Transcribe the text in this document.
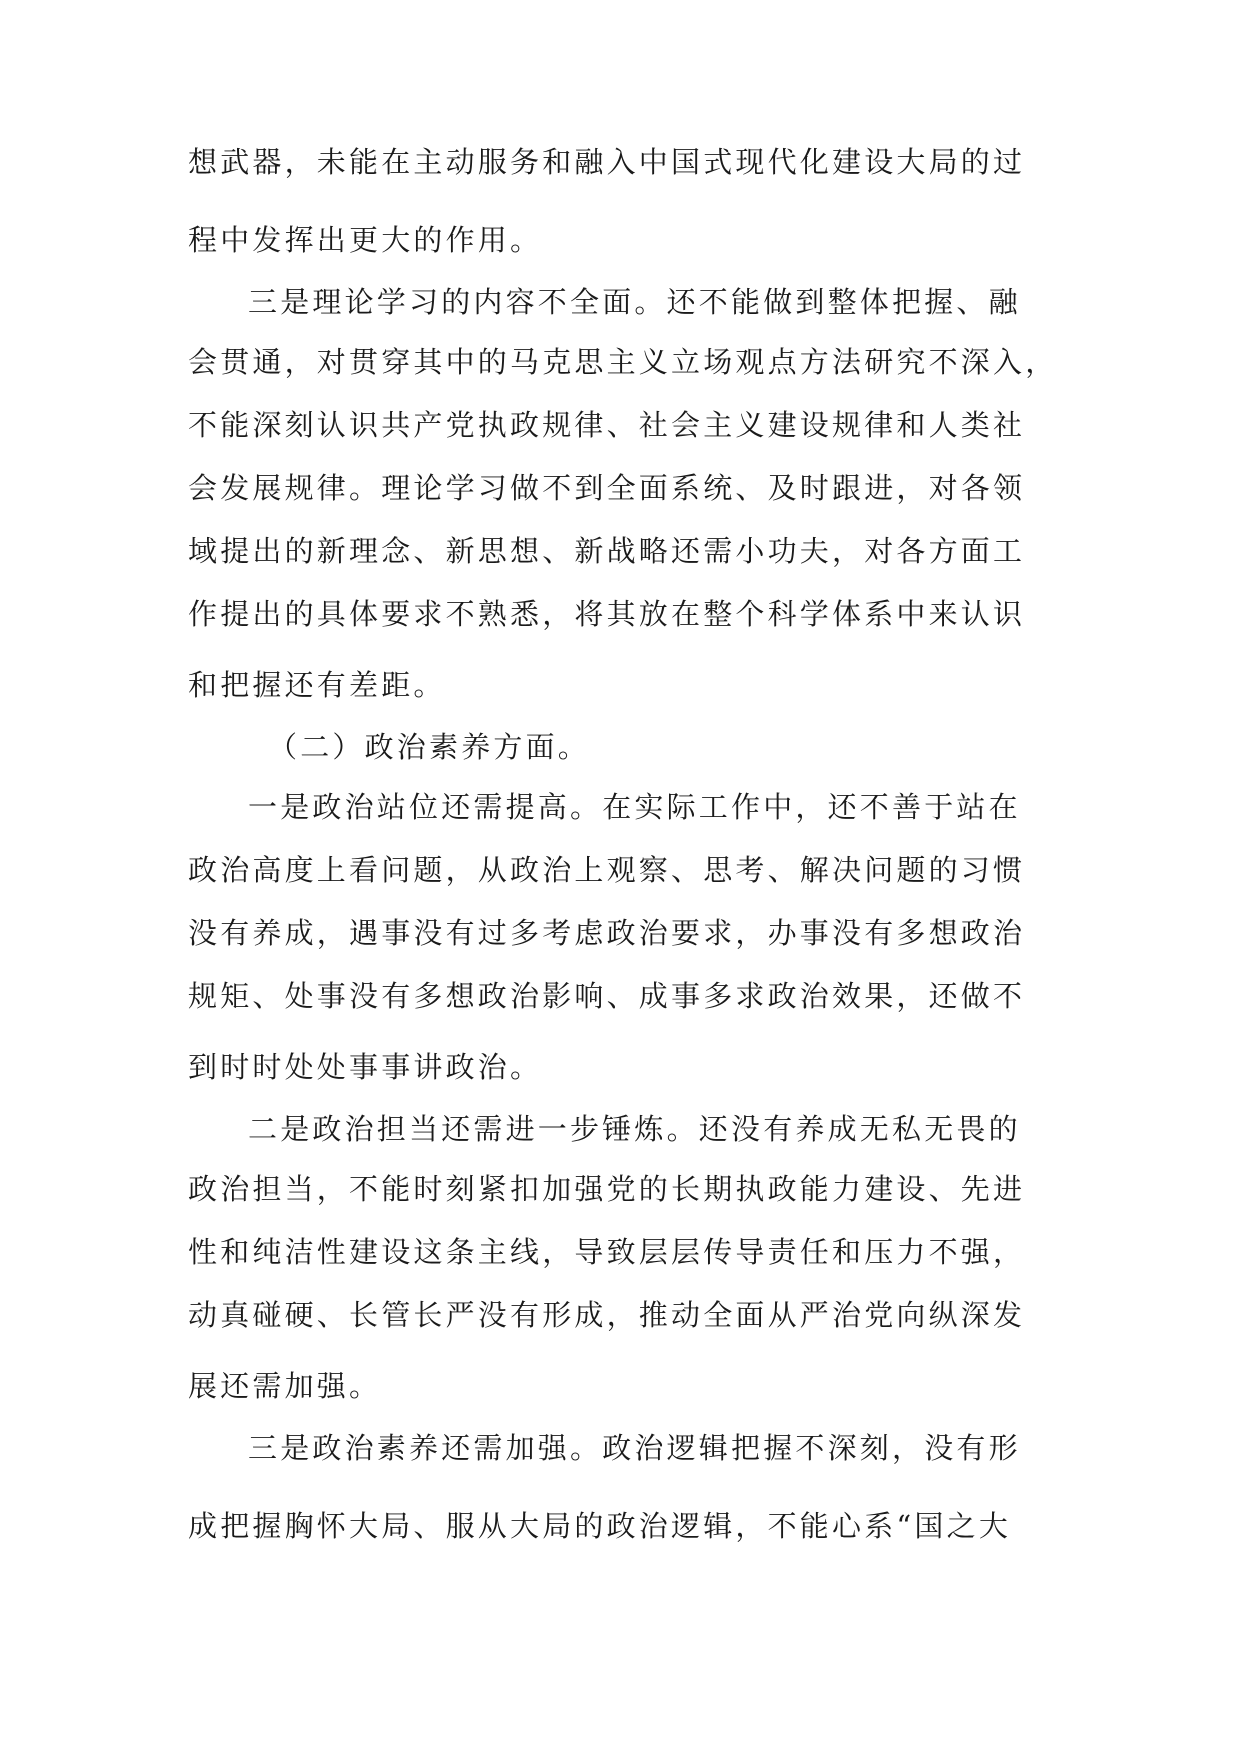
想武器，未能在主动服务和融入中国式现代化建设大局的过
程中发挥出更大的作用。
三是理论学习的内容不全面。还不能做到整体把握、融
会贯通，对贯穿其中的马克思主义立场观点方法研究不深入，
不能深刻认识共产党执政规律、社会主义建设规律和人类社
会发展规律。理论学习做不到全面系统、及时跟进，对各领
域提出的新理念、新思想、新战略还需小功夫，对各方面工
作提出的具体要求不熟悉，将其放在整个科学体系中来认识
和把握还有差距。
（二）政治素养方面。
一是政治站位还需提高。在实际工作中，还不善于站在
政治高度上看问题，从政治上观察、思考、解决问题的习惯
没有养成，遇事没有过多考虑政治要求，办事没有多想政治
规矩、处事没有多想政治影响、成事多求政治效果，还做不
到时时处处事事讲政治。
二是政治担当还需进一步锤炼。还没有养成无私无畏的
政治担当，不能时刻紧扣加强党的长期执政能力建设、先进
性和纯洁性建设这条主线，导致层层传导责任和压力不强，
动真碰硬、长管长严没有形成，推动全面从严治党向纵深发
展还需加强。
三是政治素养还需加强。政治逻辑把握不深刻，没有形
成把握胸怀大局、服从大局的政治逻辑，不能心系“国之大
